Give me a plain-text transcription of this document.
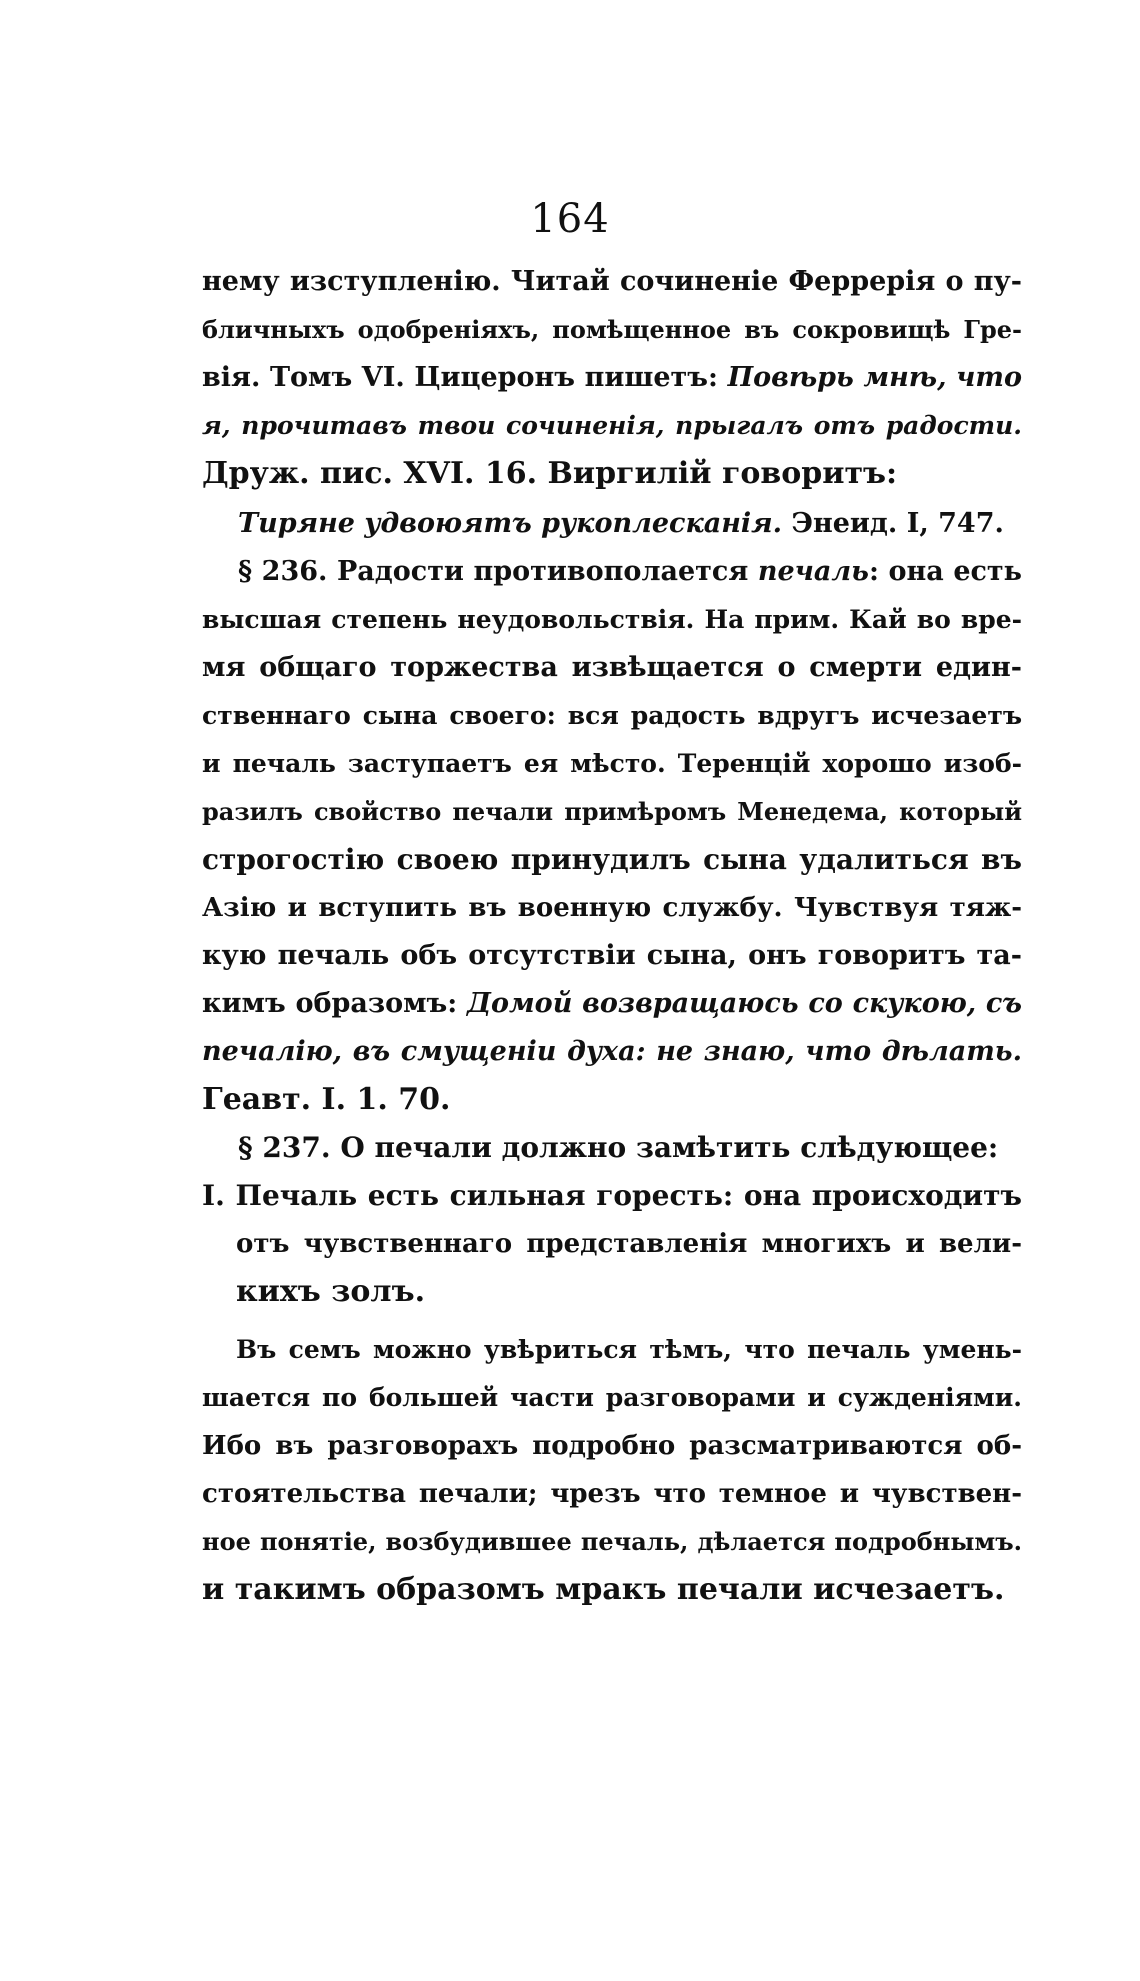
164
нему изступленію. Читай сочиненіе Феррерія о пу-
бличныхъ одобреніяхъ, помѣщенное въ сокровищѣ Гре-
вія. Томъ VI. Цицеронъ пишетъ: Повѣрь мнѣ, что
я, прочитавъ твои сочиненія, прыгалъ отъ радости.
Друж. пис. XVI. 16. Виргилій говоритъ:
Тиряне удвоюятъ рукоплесканія. Энеид. I, 747.
§ 236. Радости противополается печаль: она есть
высшая степень неудовольствія. На прим. Кай во вре-
мя общаго торжества извѣщается о смерти един-
ственнаго сына своего: вся радость вдругъ исчезаетъ
и печаль заступаетъ ея мѣсто. Теренцій хорошо изоб-
разилъ свойство печали примѣромъ Менедема, который
строгостію своею принудилъ сына удалиться въ
Азію и вступить въ военную службу. Чувствуя тяж-
кую печаль объ отсутствіи сына, онъ говоритъ та-
кимъ образомъ: Домой возвращаюсь со скукою, съ
печалію, въ смущеніи духа: не знаю, что дѣлать.
Геавт. I. 1. 70.
§ 237. О печали должно замѣтить слѣдующее:
I. Печаль есть сильная горесть: она происходитъ
отъ чувственнаго представленія многихъ и вели-
кихъ золъ.
Въ семъ можно увѣриться тѣмъ, что печаль умень-
шается по большей части разговорами и сужденіями.
Ибо въ разговорахъ подробно разсматриваются об-
стоятельства печали; чрезъ что темное и чувствен-
ное понятіе, возбудившее печаль, дѣлается подробнымъ.
и такимъ образомъ мракъ печали исчезаетъ.
